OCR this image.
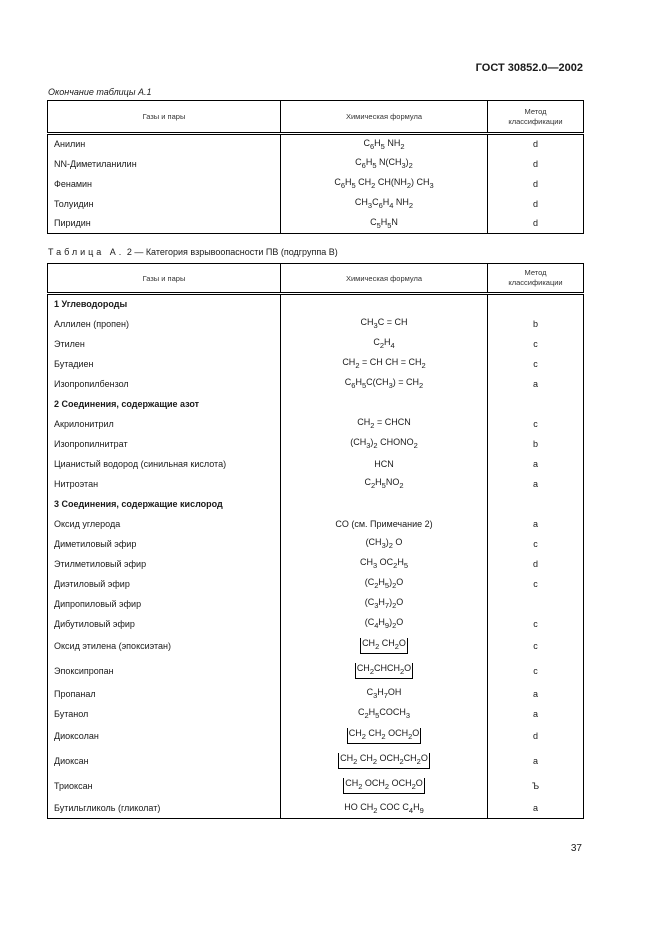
ГОСТ 30852.0—2002
Окончание таблицы А.1
Газы и пары	Химическая формула	Метод классификации
Анилин	$C_6H_5$ $NH_2$	d
NN-Диметиланилин	$C_6H_5$ $N(CH_3)_2$	d
Фенамин	$C_6H_5$ $CH_2$ $CH(NH_2)$ $CH_3$	d
Толуидин	$CH_3C_6H_4$ $NH_2$	d
Пиридин	$C_5H_5N$	d
Таблица А. 2 — Категория взрывоопасности ПВ (подгруппа В)
Газы и пары	Химическая формула	Метод классификации
1 Углеводороды		
Аллилен (пропен)	$CH_3C$ = CH	b
Этилен	$C_2H_4$	c
Бутадиен	$CH_2$ = CH CH = $CH_2$	c
Изопропилбензол	$C_6H_5C(CH_3) = CH_2$	a
2 Соединения, содержащие азот		
Акрилонитрил	$CH_2$ = CHCN	c
Изопропилнитрат	$(CH_3)_2$ $CHONO_2$	b
Цианистый водород (синильная кислота)	HCN	a
Нитроэтан	$C_2H_5NO_2$	a
3 Соединения, содержащие кислород		
Оксид углерода	CO (см. Примечание 2)	a
Диметиловый эфир	$(CH_3)_2$ O	c
Этилметиловый эфир	$CH_3$ $OC_2H_5$	d
Диэтиловый эфир	$(C_2H_5)_2O$	c
Дипропиловый эфир	$(C_3H_7)_2O$	
Дибутиловый эфир	$(C_4H_9)_2O$	c
Оксид этилена (эпоксиэтан)	$CH_2$ $CH_2O$	c
Эпоксипропан	$CH_2CHCH_2O$	c
Пропанал	$C_3H_7OH$	a
Бутанол	$C_2H_5COCH_3$	a
Диоксолан	$CH_2$ $CH_2$ $OCH_2O$	d
Диоксан	$CH_2$ $CH_2$ $OCH_2CH_2O$	a
Триоксан	$CH_2$ $OCH_2$ $OCH_2O$	Ъ
Бутильгликоль (гликолат)	HO $CH_2$ COC $C_4H_9$	a
37
